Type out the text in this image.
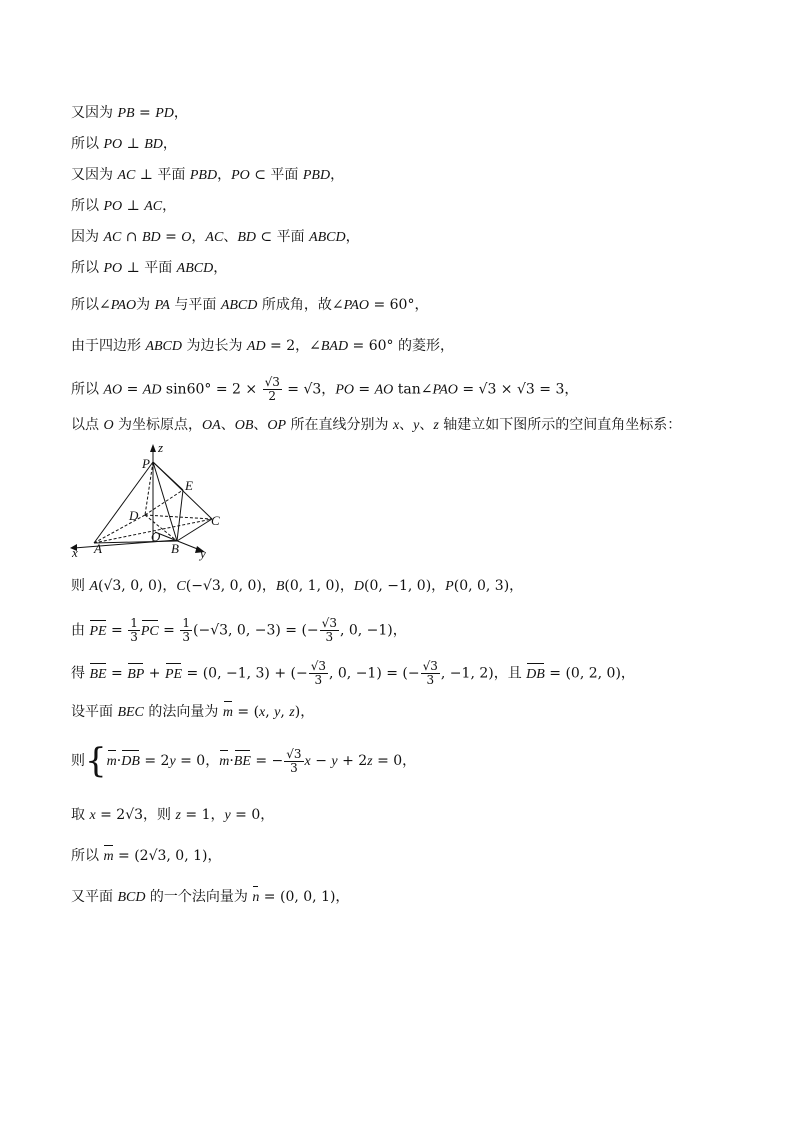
又因为 PB = PD，
所以 PO ⊥ BD，
又因为 AC ⊥ 平面 PBD，PO ⊂ 平面 PBD，
所以 PO ⊥ AC，
因为 AC ∩ BD = O，AC、BD ⊂ 平面 ABCD，
所以 PO ⊥ 平面 ABCD，
所以∠PAO为 PA 与平面 ABCD 所成角，故∠PAO = 60°，
由于四边形 ABCD 为边长为 AD = 2，∠BAD = 60° 的菱形，
所以 AO = AD $\sin 60^\circ = 2 \times \frac{√3}{2} = √3$，PO = AO tan∠PAO = √3 × √3 = 3，
以点 O 为坐标原点，OA、OB、OP 所在直线分别为 x、y、z 轴建立如下图所示的空间直角坐标系：
P
z
E
D	C
O
x A	B y
则 A(√3, 0, 0)，C(−√3, 0, 0)，B(0, 1, 0)，D(0, −1, 0)，P(0, 0, 3)，
由 PE = $\frac{1}{3}$ PC = $\frac{1}{3} (-√3$, 0, −3) = (− $\frac{√3}{3}$ , 0, −1)，
得 BE = BP + PE = (0, −1, 3) + (− $\frac{√3}{3}$ , 0, −1) = (− $\frac{√3}{3}$ , −1, 2)，且 DB = (0, 2, 0)，
设平面 BEC 的法向量为 m = (x, y, z)，
则{m·DB = 2y = 0，m·BE = − $\frac{√3}{3}$ x − y + 2z = 0，
取 x = 2√3，则 z = 1，y = 0，
所以 m = (2√3, 0, 1)，
又平面 BCD 的一个法向量为 n = (0, 0, 1)，
